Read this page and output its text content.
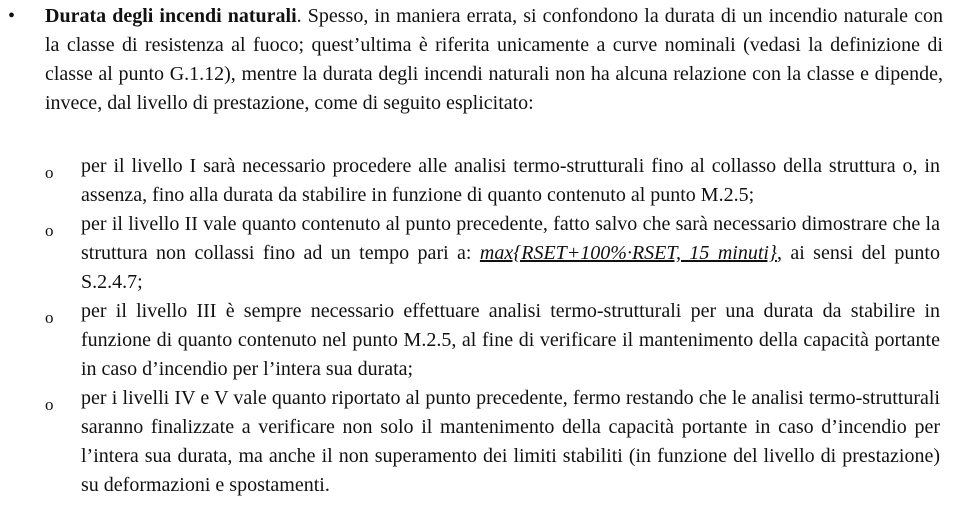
• Durata degli incendi naturali. Spesso, in maniera errata, si confondono la durata di un incendio naturale con la classe di resistenza al fuoco; quest’ultima è riferita unicamente a curve nominali (vedasi la definizione di classe al punto G.1.12), mentre la durata degli incendi naturali non ha alcuna relazione con la classe e dipende, invece, dal livello di prestazione, come di seguito esplicitato:
o per il livello I sarà necessario procedere alle analisi termo-strutturali fino al collasso della struttura o, in assenza, fino alla durata da stabilire in funzione di quanto contenuto al punto M.2.5;
o per il livello II vale quanto contenuto al punto precedente, fatto salvo che sarà necessario dimostrare che la struttura non collassi fino ad un tempo pari a: max{RSET+100%·RSET, 15 minuti}, ai sensi del punto S.2.4.7;
o per il livello III è sempre necessario effettuare analisi termo-strutturali per una durata da stabilire in funzione di quanto contenuto nel punto M.2.5, al fine di verificare il mantenimento della capacità portante in caso d’incendio per l’intera sua durata;
o per i livelli IV e V vale quanto riportato al punto precedente, fermo restando che le analisi termo-strutturali saranno finalizzate a verificare non solo il mantenimento della capacità portante in caso d’incendio per l’intera sua durata, ma anche il non superamento dei limiti stabiliti (in funzione del livello di prestazione) su deformazioni e spostamenti.
